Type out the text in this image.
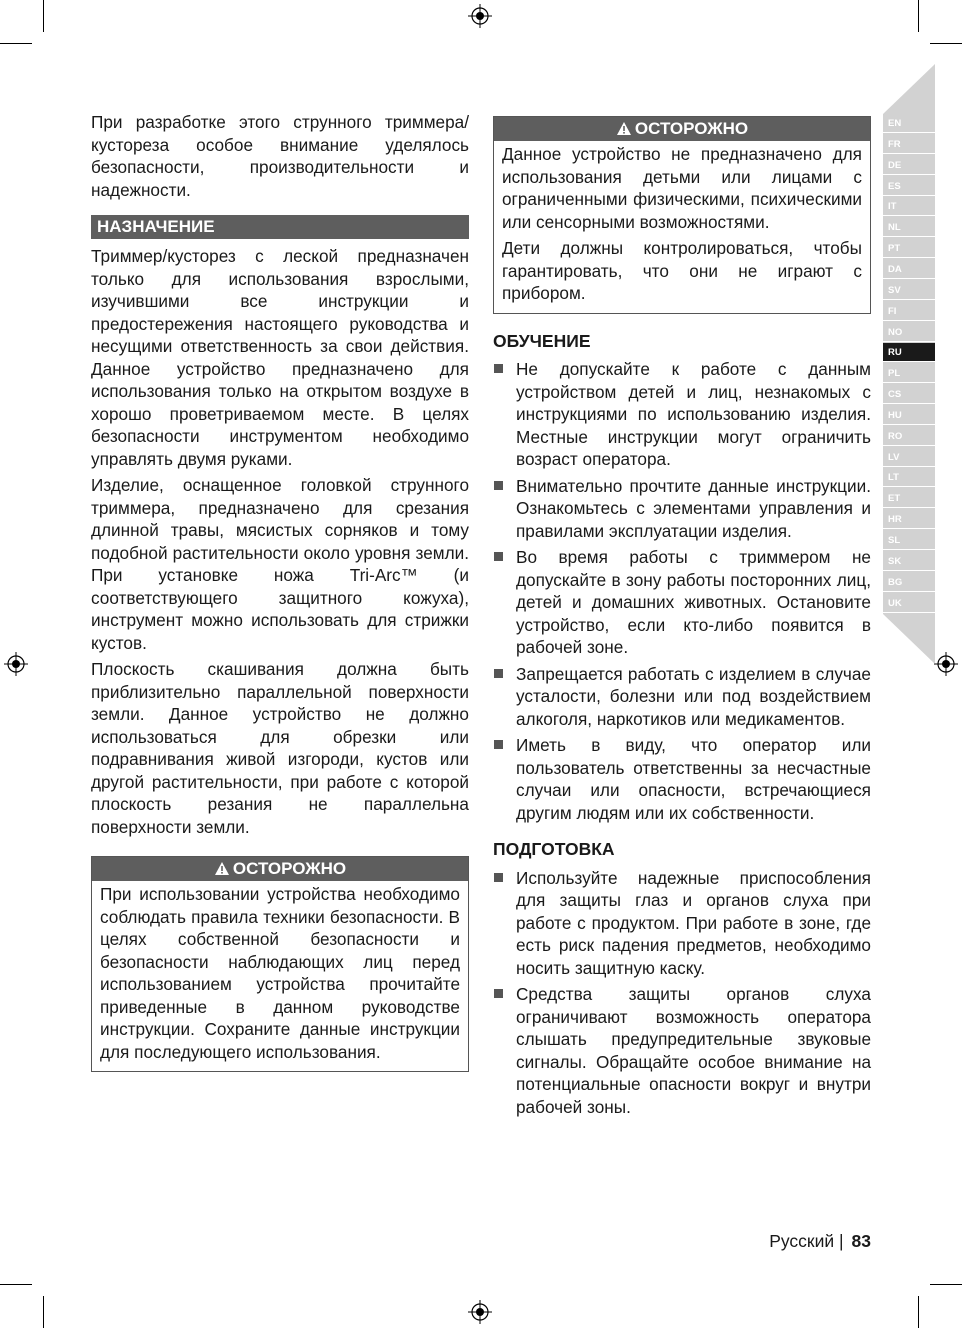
EN
FR
DE
ES
IT
NL
PT
DA
SV
FI
NO
RU
PL
CS
HU
RO
LV
LT
ET
HR
SL
SK
BG
UK
При разработке этого струнного триммера/кустореза особое внимание уделялось безопасности, производительности и надежности.
НАЗНАЧЕНИЕ
Триммер/кусторез с леской предназначен только для использования взрослыми, изучившими все инструкции и предостережения настоящего руководства и несущими ответственность за свои действия. Данное устройство предназначено для использования только на открытом воздухе в хорошо проветриваемом месте. В целях безопасности инструментом необходимо управлять двумя руками.
Изделие, оснащенное головкой струнного триммера, предназначено для срезания длинной травы, мясистых сорняков и тому подобной растительности около уровня земли. При установке ножа Tri-Arc™ (и соответствующего защитного кожуха), инструмент можно использовать для стрижки кустов.
Плоскость скашивания должна быть приблизительно параллельной поверхности земли. Данное устройство не должно использоваться для обрезки или подравнивания живой изгороди, кустов или другой растительности, при работе с которой плоскость резания не параллельна поверхности земли.
ОСТОРОЖНО
При использовании устройства необходимо соблюдать правила техники безопасности. В целях собственной безопасности и безопасности наблюдающих лиц перед использованием устройства прочитайте приведенные в данном руководстве инструкции. Сохраните данные инструкции для последующего использования.
ОСТОРОЖНО
Данное устройство не предназначено для использования детьми или лицами с ограниченными физическими, психическими или сенсорными возможностями.
Дети должны контролироваться, чтобы гарантировать, что они не играют с прибором.
ОБУЧЕНИЕ
Не допускайте к работе с данным устройством детей и лиц, незнакомых с инструкциями по использованию изделия. Местные инструкции могут ограничить возраст оператора.
Внимательно прочтите данные инструкции. Ознакомьтесь с элементами управления и правилами эксплуатации изделия.
Во время работы с триммером не допускайте в зону работы посторонних лиц, детей и домашних животных. Остановите устройство, если кто-либо появится в рабочей зоне.
Запрещается работать с изделием в случае усталости, болезни или под воздействием алкоголя, наркотиков или медикаментов.
Иметь в виду, что оператор или пользователь ответственны за несчастные случаи или опасности, встречающиеся другим людям или их собственности.
ПОДГОТОВКА
Используйте надежные приспособления для защиты глаз и органов слуха при работе с продуктом. При работе в зоне, где есть риск падения предметов, необходимо носить защитную каску.
Средства защиты органов слуха ограничивают возможность оператора слышать предупредительные звуковые сигналы. Обращайте особое внимание на потенциальные опасности вокруг и внутри рабочей зоны.
Русский | 83
